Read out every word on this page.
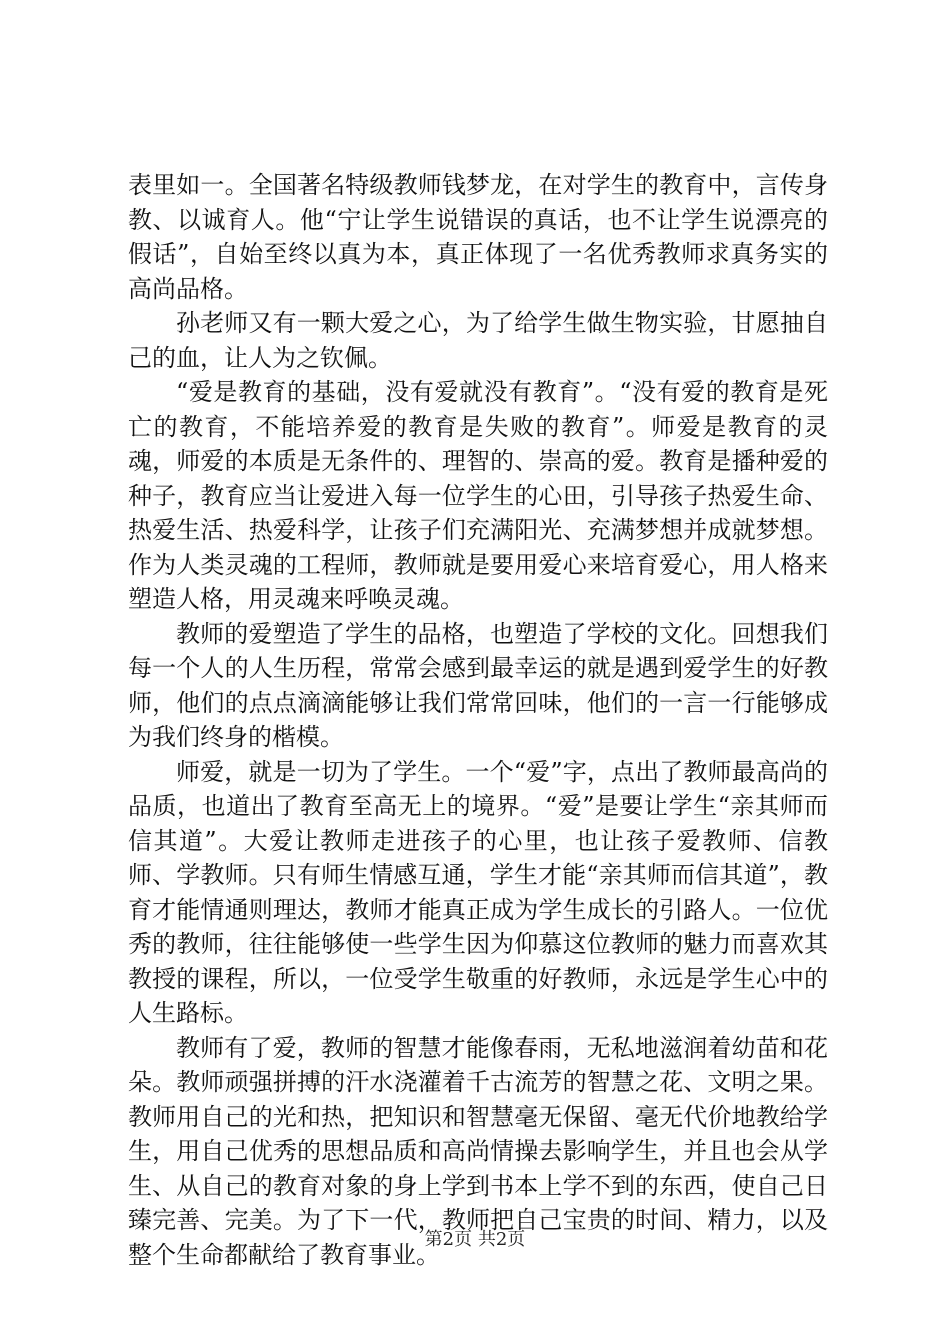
表里如一。全国著名特级教师钱梦龙，在对学生的教育中，言传身教、以诚育人。他“宁让学生说错误的真话，也不让学生说漂亮的假话”，自始至终以真为本，真正体现了一名优秀教师求真务实的高尚品格。

孙老师又有一颗大爱之心，为了给学生做生物实验，甘愿抽自己的血，让人为之钦佩。

“爱是教育的基础，没有爱就没有教育”。“没有爱的教育是死亡的教育，不能培养爱的教育是失败的教育”。师爱是教育的灵魂，师爱的本质是无条件的、理智的、崇高的爱。教育是播种爱的种子，教育应当让爱进入每一位学生的心田，引导孩子热爱生命、热爱生活、热爱科学，让孩子们充满阳光、充满梦想并成就梦想。作为人类灵魂的工程师，教师就是要用爱心来培育爱心，用人格来塑造人格，用灵魂来呼唤灵魂。

教师的爱塑造了学生的品格，也塑造了学校的文化。回想我们每一个人的人生历程，常常会感到最幸运的就是遇到爱学生的好教师，他们的点点滴滴能够让我们常常回味，他们的一言一行能够成为我们终身的楷模。

师爱，就是一切为了学生。一个“爱”字，点出了教师最高尚的品质，也道出了教育至高无上的境界。“爱”是要让学生“亲其师而信其道”。大爱让教师走进孩子的心里，也让孩子爱教师、信教师、学教师。只有师生情感互通，学生才能“亲其师而信其道”，教育才能情通则理达，教师才能真正成为学生成长的引路人。一位优秀的教师，往往能够使一些学生因为仰慕这位教师的魅力而喜欢其教授的课程，所以，一位受学生敬重的好教师，永远是学生心中的人生路标。

教师有了爱，教师的智慧才能像春雨，无私地滋润着幼苗和花朵。教师顽强拼搏的汗水浇灌着千古流芳的智慧之花、文明之果。教师用自己的光和热，把知识和智慧毫无保留、毫无代价地教给学生，用自己优秀的思想品质和高尚情操去影响学生，并且也会从学生、从自己的教育对象的身上学到书本上学不到的东西，使自己日臻完善、完美。为了下一代，教师把自己宝贵的时间、精力，以及整个生命都献给了教育事业。

第2页 共2页
